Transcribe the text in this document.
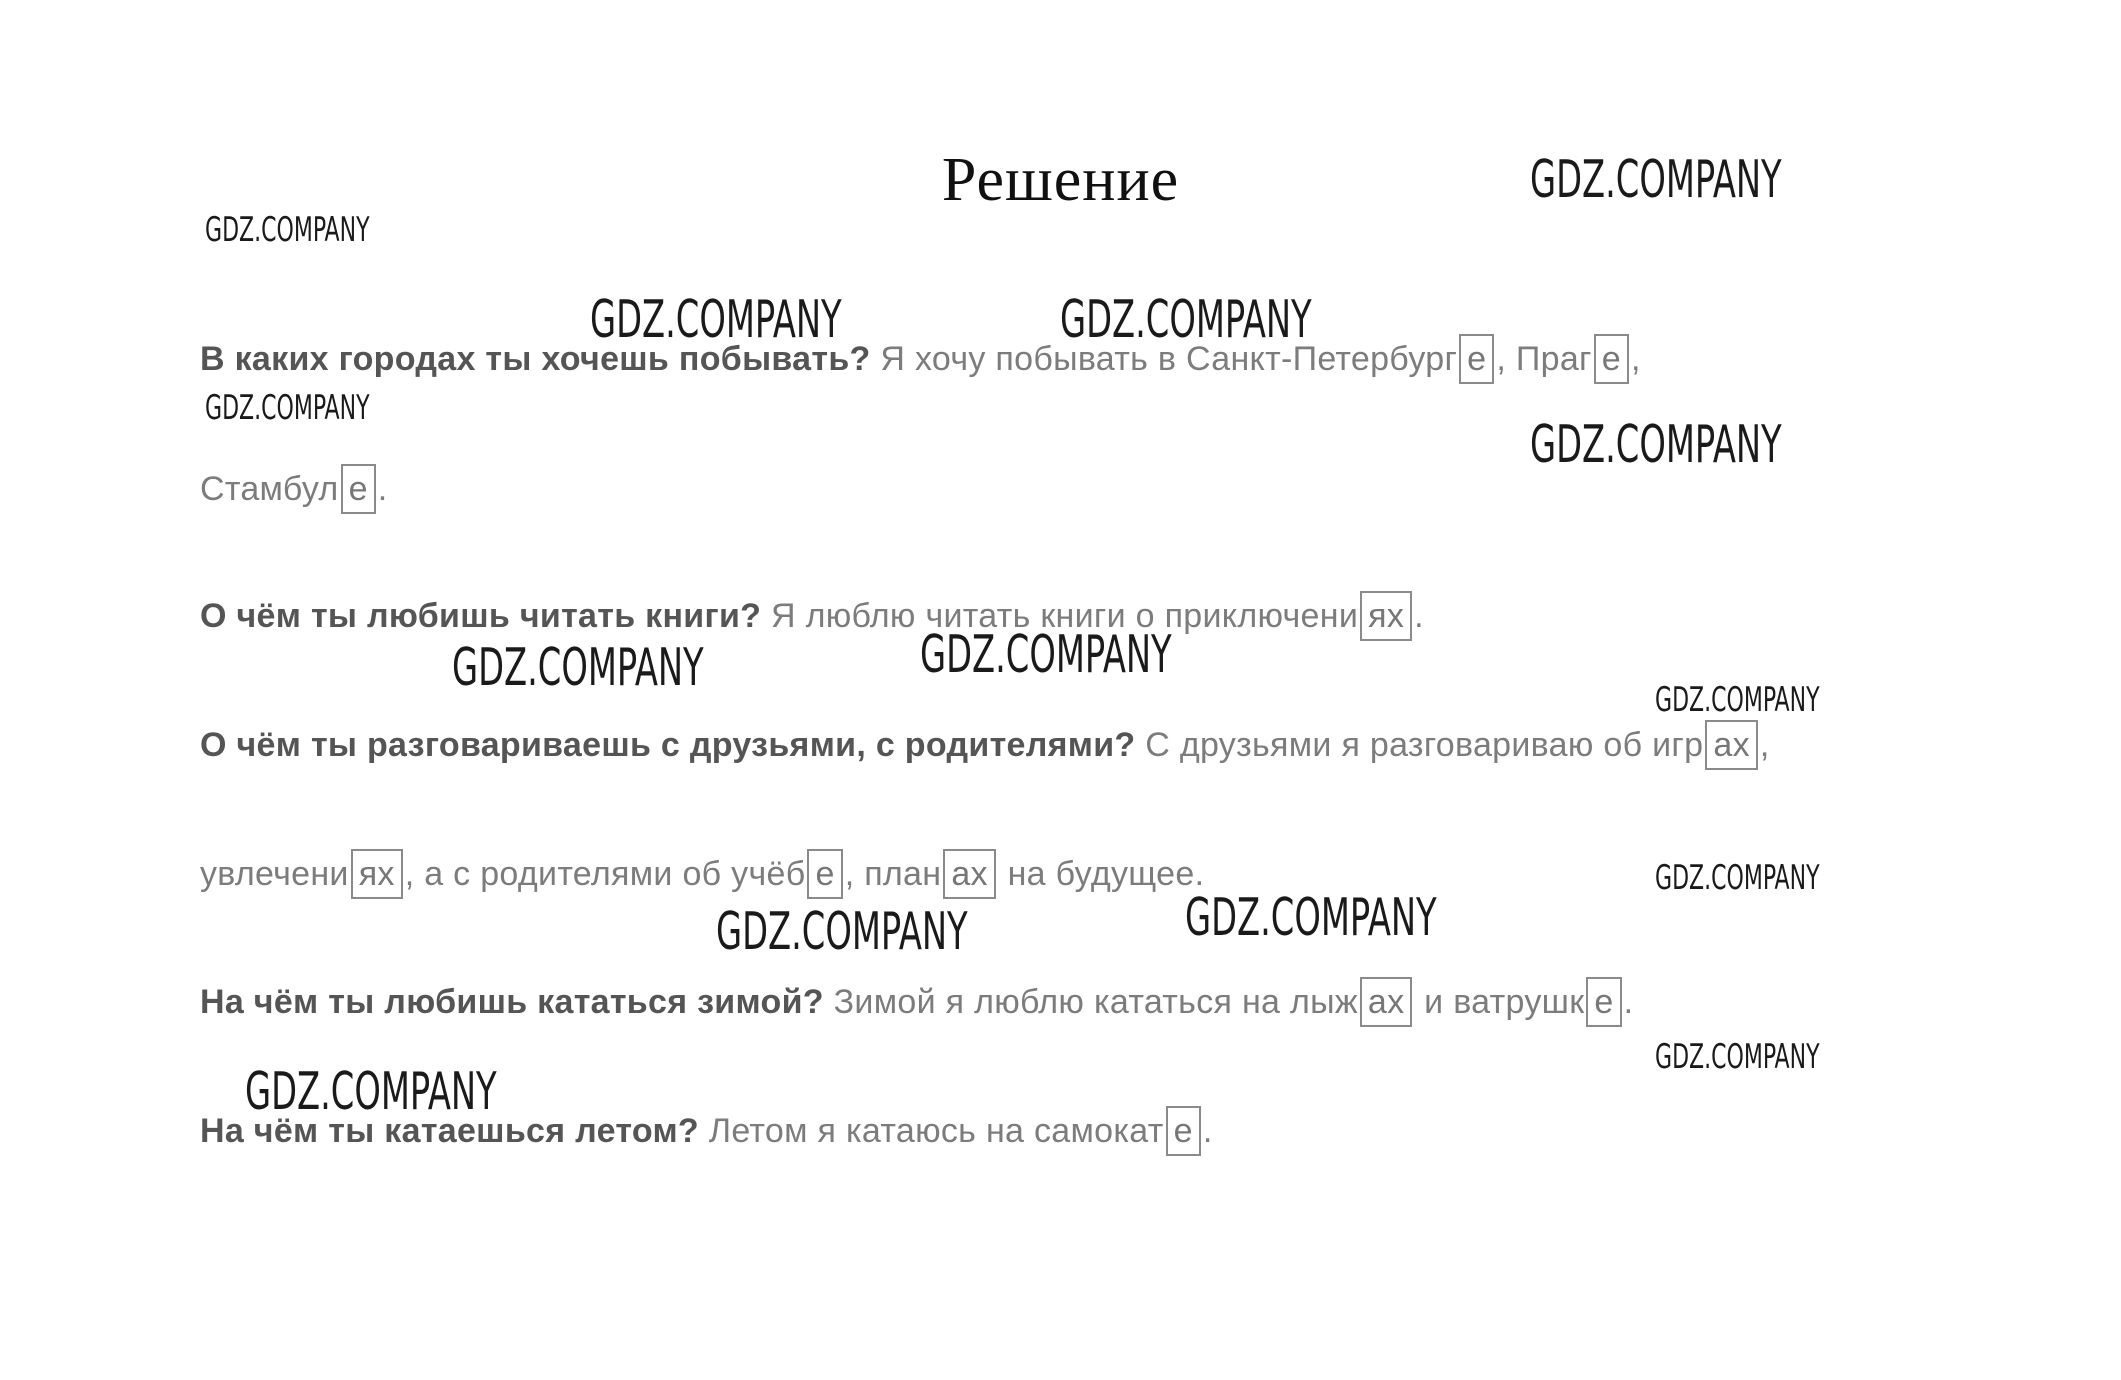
Решение
В каких городах ты хочешь побывать? Я хочу побывать в Санкт-Петербург е , Праг е ,
Стамбул е .
О чём ты любишь читать книги? Я люблю читать книги о приключени ях .
О чём ты разговариваешь с друзьями, с родителями? С друзьями я разговариваю об игр ах ,
увлечени ях , а с родителями об учёб е , план ах на будущее.
На чём ты любишь кататься зимой? Зимой я люблю кататься на лыж ах и ватрушк е .
На чём ты катаешься летом? Летом я катаюсь на самокат е .
GDZ.COMPANY
GDZ.COMPANY
GDZ.COMPANY	GDZ.COMPANY
GDZ.COMPANY
GDZ.COMPANY
GDZ.COMPANY
GDZ.COMPANY
GDZ.COMPANY
GDZ.COMPANY
GDZ.COMPANY
GDZ.COMPANY
GDZ.COMPANY
GDZ.COMPANY
